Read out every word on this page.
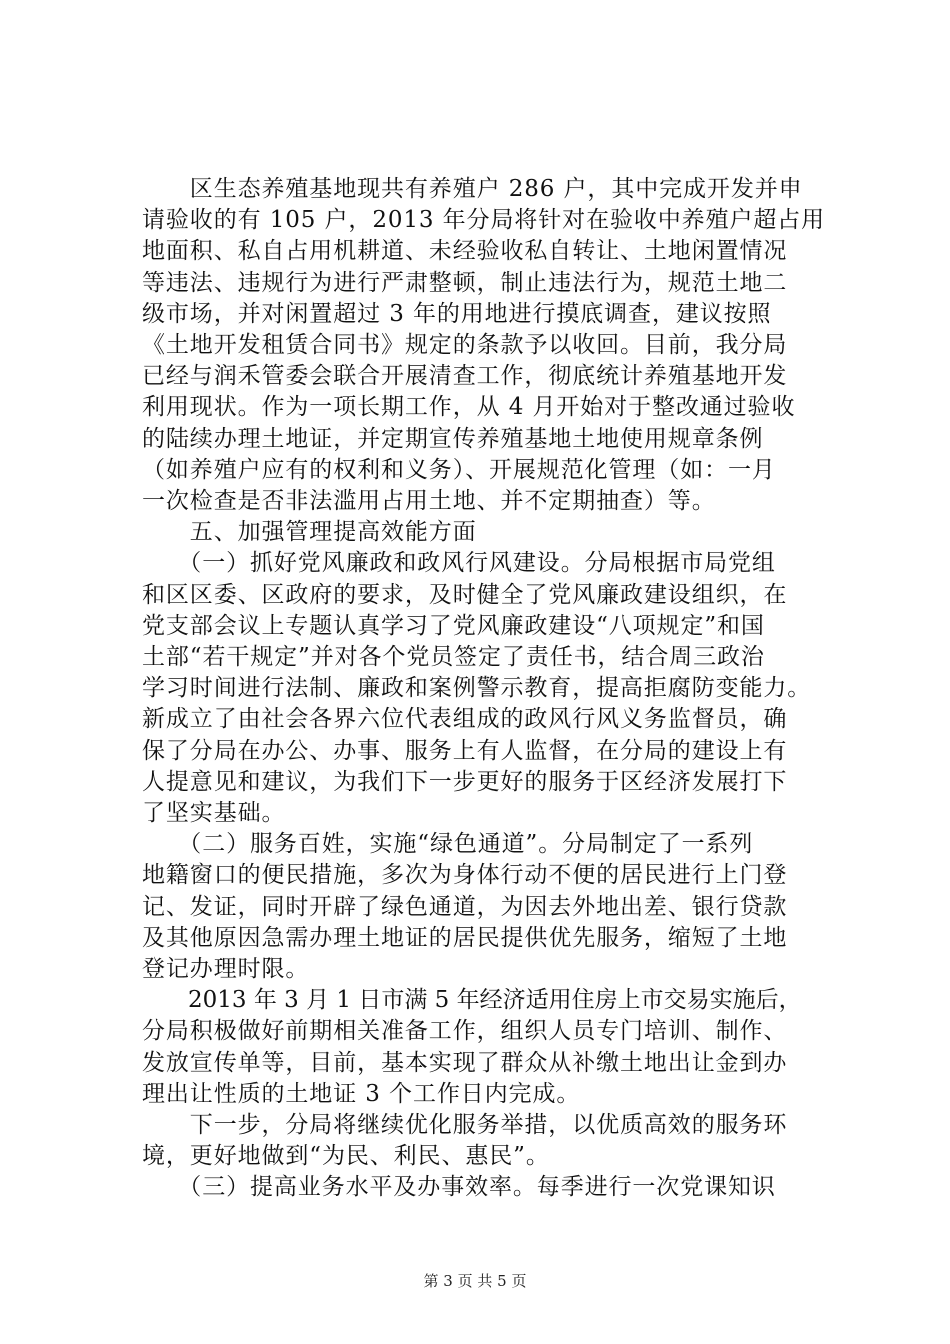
　　区生态养殖基地现共有养殖户 286 户，其中完成开发并申
请验收的有 105 户，2013 年分局将针对在验收中养殖户超占用
地面积、私自占用机耕道、未经验收私自转让、土地闲置情况
等违法、违规行为进行严肃整顿，制止违法行为，规范土地二
级市场，并对闲置超过 3 年的用地进行摸底调查，建议按照
《土地开发租赁合同书》规定的条款予以收回。目前，我分局
已经与润禾管委会联合开展清查工作，彻底统计养殖基地开发
利用现状。作为一项长期工作，从 4 月开始对于整改通过验收
的陆续办理土地证，并定期宣传养殖基地土地使用规章条例
（如养殖户应有的权利和义务）、开展规范化管理（如：一月
一次检查是否非法滥用占用土地、并不定期抽查）等。
　　五、加强管理提高效能方面
　　（一）抓好党风廉政和政风行风建设。分局根据市局党组
和区区委、区政府的要求，及时健全了党风廉政建设组织，在
党支部会议上专题认真学习了党风廉政建设“八项规定”和国
土部“若干规定”并对各个党员签定了责任书，结合周三政治
学习时间进行法制、廉政和案例警示教育，提高拒腐防变能力。
新成立了由社会各界六位代表组成的政风行风义务监督员，确
保了分局在办公、办事、服务上有人监督，在分局的建设上有
人提意见和建议，为我们下一步更好的服务于区经济发展打下
了坚实基础。
　　（二）服务百姓，实施“绿色通道”。分局制定了一系列
地籍窗口的便民措施，多次为身体行动不便的居民进行上门登
记、发证，同时开辟了绿色通道，为因去外地出差、银行贷款
及其他原因急需办理土地证的居民提供优先服务，缩短了土地
登记办理时限。
　　2013 年 3 月 1 日市满 5 年经济适用住房上市交易实施后，
分局积极做好前期相关准备工作，组织人员专门培训、制作、
发放宣传单等，目前，基本实现了群众从补缴土地出让金到办
理出让性质的土地证 3 个工作日内完成。
　　下一步，分局将继续优化服务举措，以优质高效的服务环
境，更好地做到“为民、利民、惠民”。
　　（三）提高业务水平及办事效率。每季进行一次党课知识
第 3 页 共 5 页
